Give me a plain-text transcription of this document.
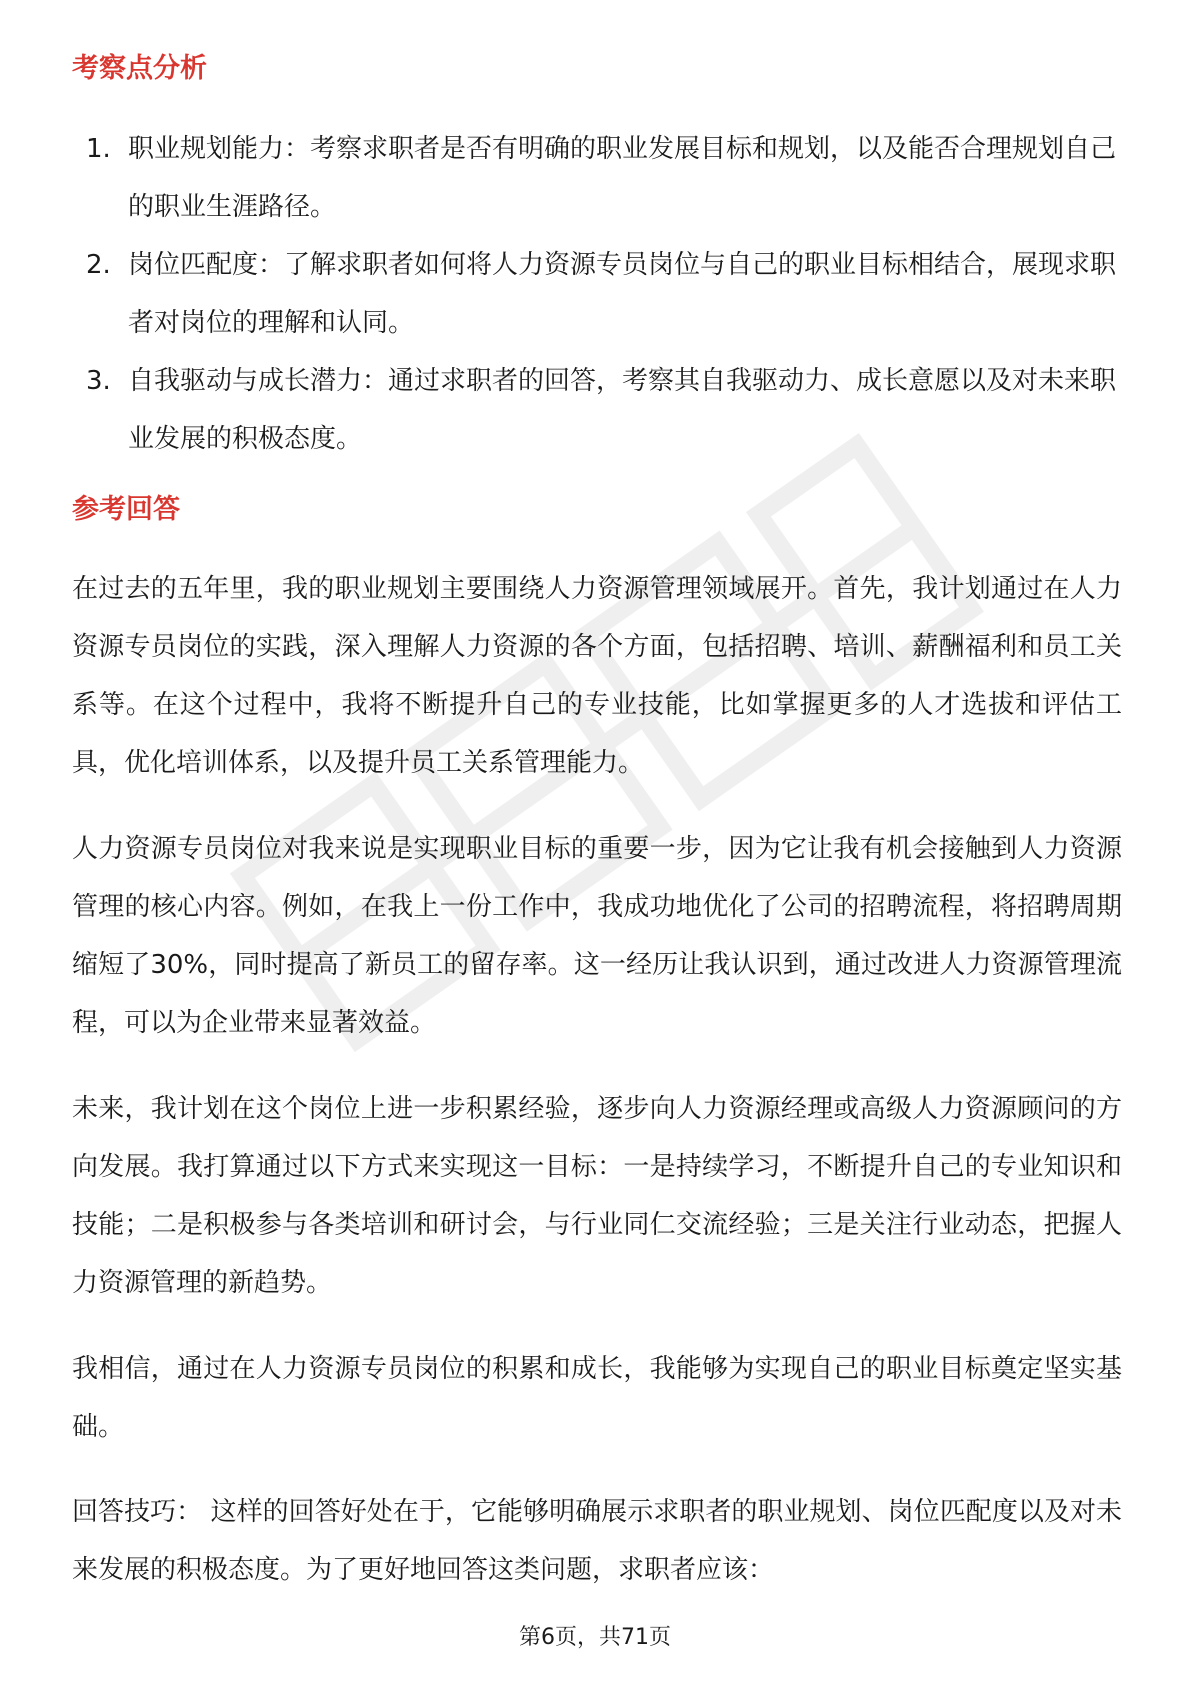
考察点分析
1. 职业规划能力：考察求职者是否有明确的职业发展目标和规划，以及能否合理规划自己的职业生涯路径。
2. 岗位匹配度：了解求职者如何将人力资源专员岗位与自己的职业目标相结合，展现求职者对岗位的理解和认同。
3. 自我驱动与成长潜力：通过求职者的回答，考察其自我驱动力、成长意愿以及对未来职业发展的积极态度。
参考回答

在过去的五年里，我的职业规划主要围绕人力资源管理领域展开。首先，我计划通过在人力资源专员岗位的实践，深入理解人力资源的各个方面，包括招聘、培训、薪酬福利和员工关系等。在这个过程中，我将不断提升自己的专业技能，比如掌握更多的人才选拔和评估工具，优化培训体系，以及提升员工关系管理能力。

人力资源专员岗位对我来说是实现职业目标的重要一步，因为它让我有机会接触到人力资源管理的核心内容。例如，在我上一份工作中，我成功地优化了公司的招聘流程，将招聘周期缩短了30%，同时提高了新员工的留存率。这一经历让我认识到，通过改进人力资源管理流程，可以为企业带来显著效益。

未来，我计划在这个岗位上进一步积累经验，逐步向人力资源经理或高级人力资源顾问的方向发展。我打算通过以下方式来实现这一目标：一是持续学习，不断提升自己的专业知识和技能；二是积极参与各类培训和研讨会，与行业同仁交流经验；三是关注行业动态，把握人力资源管理的新趋势。

我相信，通过在人力资源专员岗位的积累和成长，我能够为实现自己的职业目标奠定坚实基础。

回答技巧： 这样的回答好处在于，它能够明确展示求职者的职业规划、岗位匹配度以及对未来发展的积极态度。为了更好地回答这类问题，求职者应该：

第6页，共71页
